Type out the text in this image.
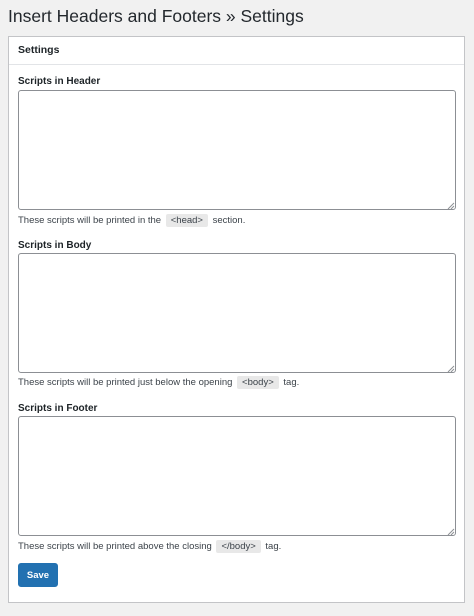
Insert Headers and Footers » Settings
Settings
Scripts in Header
These scripts will be printed in the <head> section.
Scripts in Body
These scripts will be printed just below the opening <body> tag.
Scripts in Footer
These scripts will be printed above the closing </body> tag.
Save
